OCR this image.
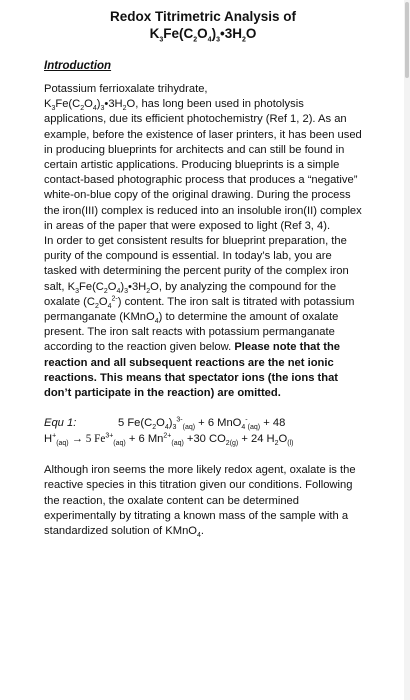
Redox Titrimetric Analysis of
$K_3Fe(C_2O_4)_3•3H_2O$
Introduction

Potassium ferrioxalate trihydrate,
$K_3Fe(C_2O_4)_3•3H_2O$, has long been used in photolysis applications, due its efficient photochemistry (Ref 1, 2). As an example, before the existence of laser printers, it has been used in producing blueprints for architects and can still be found in certain artistic applications. Producing blueprints is a simple contact-based photographic process that produces a “negative” white-on-blue copy of the original drawing. During the process the iron(III) complex is reduced into an insoluble iron(II) complex in areas of the paper that were exposed to light (Ref 3, 4).

In order to get consistent results for blueprint preparation, the purity of the compound is essential. In today’s lab, you are tasked with determining the percent purity of the complex iron salt, $K_3Fe(C_2O_4)_3•3H_2O$, by analyzing the compound for the oxalate $(C_2O_4^{2-})$ content. The iron salt is titrated with potassium permanganate (KMnO$_4$) to determine the amount of oxalate present. The iron salt reacts with potassium permanganate according to the reaction given below. Please note that the reaction and all subsequent reactions are the net ionic reactions. This means that spectator ions (the ions that don’t participate in the reaction) are omitted.

Equ 1:	5 $Fe(C_2O_4)_3^{3-}_{(aq)} + 6$ MnO$_4$-$_{(aq)}$ + 48
$H^+_{(aq)} \to 5$ $Fe^{3+}_{(aq)} + 6$ $Mn^{2+}_{(aq)} +30$ $CO_{2(g)} + 24$ $H_2O_{(l)}$

Although iron seems the more likely redox agent, oxalate is the reactive species in this titration given our conditions. Following the reaction, the oxalate content can be determined experimentally by titrating a known mass of the sample with a standardized solution of KMnO$_4$.
